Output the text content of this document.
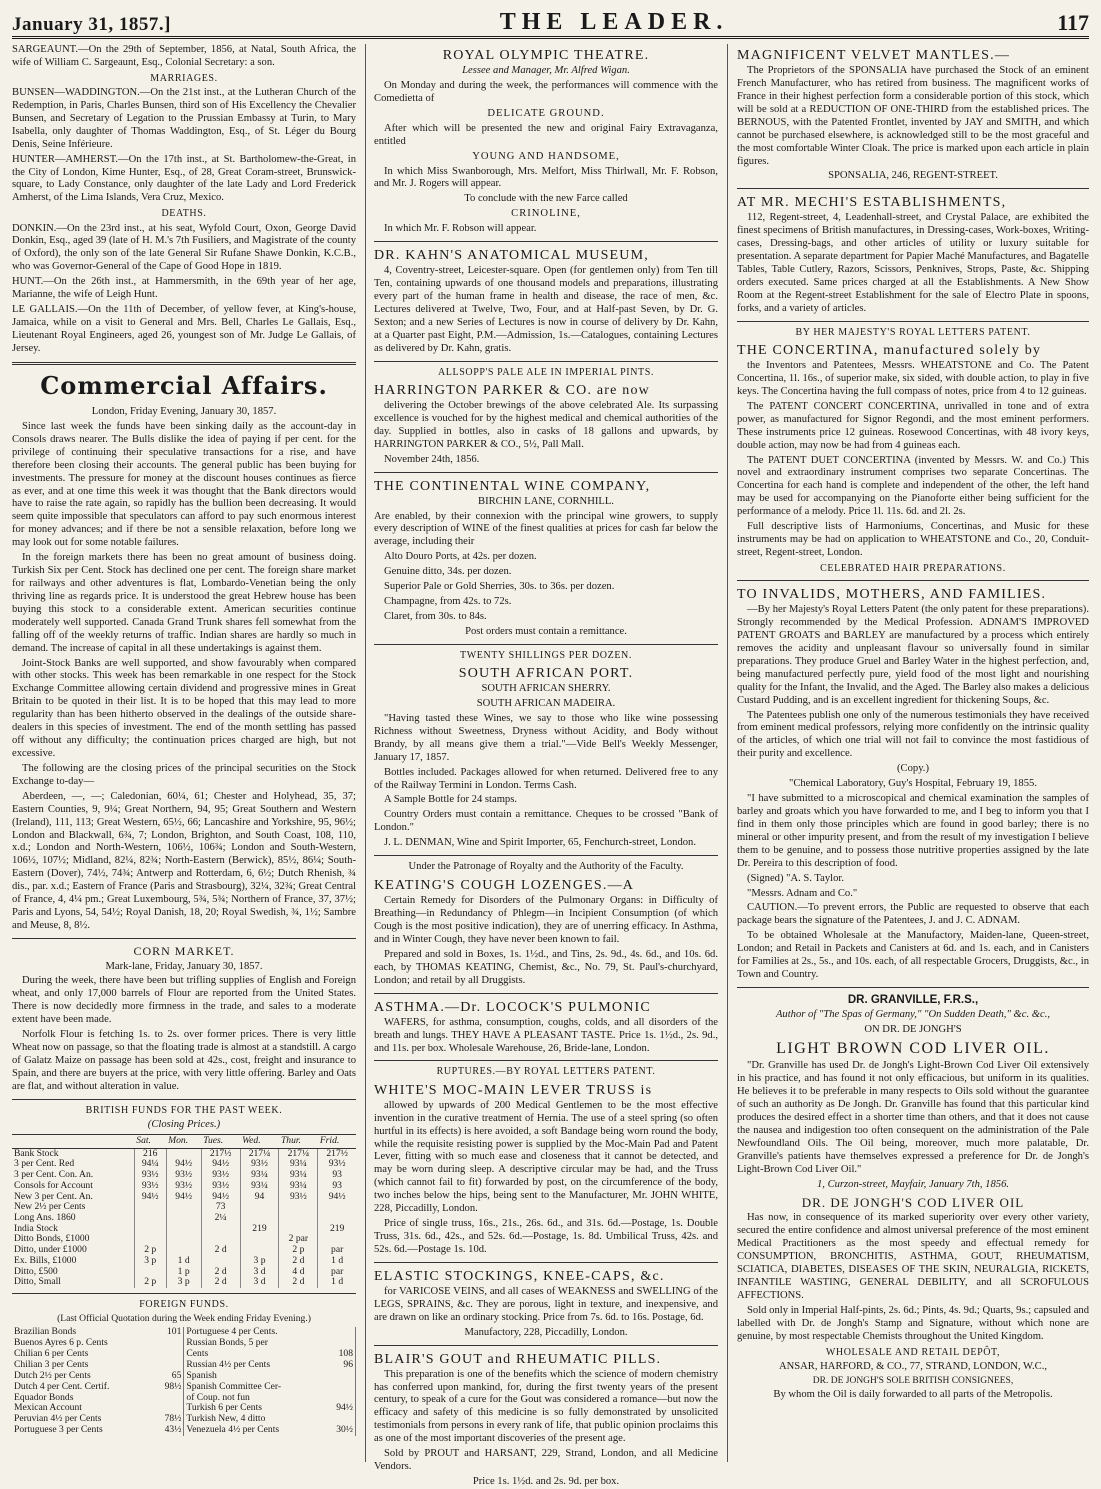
January 31, 1857.]	THE LEADER.	117

SARGEAUNT.—On the 29th of September, 1856, at Natal, South Africa, the wife of William C. Sargeaunt, Esq., Colonial Secretary: a son.

MARRIAGES.

BUNSEN—WADDINGTON.—On the 21st inst., at the Lutheran Church of the Redemption, in Paris, Charles Bunsen, third son of His Excellency the Chevalier Bunsen, and Secretary of Legation to the Prussian Embassy at Turin, to Mary Isabella, only daughter of Thomas Waddington, Esq., of St. Léger du Bourg Denis, Seine Inférieure.

HUNTER—AMHERST.—On the 17th inst., at St. Bartholomew-the-Great, in the City of London, Kime Hunter, Esq., of 28, Great Coram-street, Brunswick-square, to Lady Constance, only daughter of the late Lady and Lord Frederick Amherst, of the Lima Islands, Vera Cruz, Mexico.

DEATHS.

DONKIN.—On the 23rd inst., at his seat, Wyfold Court, Oxon, George David Donkin, Esq., aged 39 (late of H. M.'s 7th Fusiliers, and Magistrate of the county of Oxford), the only son of the late General Sir Rufane Shawe Donkin, K.C.B., who was Governor-General of the Cape of Good Hope in 1819.

HUNT.—On the 26th inst., at Hammersmith, in the 69th year of her age, Marianne, the wife of Leigh Hunt.

LE GALLAIS.—On the 11th of December, of yellow fever, at King's-house, Jamaica, while on a visit to General and Mrs. Bell, Charles Le Gallais, Esq., Lieutenant Royal Engineers, aged 26, youngest son of Mr. Judge Le Gallais, of Jersey.

Commercial Affairs.

London, Friday Evening, January 30, 1857.

Since last week the funds have been sinking daily as the account-day in Consols draws nearer. The Bulls dislike the idea of paying if per cent. for the privilege of continuing their speculative transactions for a rise, and have therefore been closing their accounts. The general public has been buying for investments. The pressure for money at the discount houses continues as fierce as ever, and at one time this week it was thought that the Bank directors would have to raise the rate again, so rapidly has the bullion been decreasing. It would seem quite impossible that speculators can afford to pay such enormous interest for money advances; and if there be not a sensible relaxation, before long we may look out for some notable failures.

In the foreign markets there has been no great amount of business doing. Turkish Six per Cent. Stock has declined one per cent. The foreign share market for railways and other adventures is flat, Lombardo-Venetian being the only thriving line as regards price. It is understood the great Hebrew house has been buying this stock to a considerable extent. American securities continue moderately well supported. Canada Grand Trunk shares fell somewhat from the falling off of the weekly returns of traffic. Indian shares are hardly so much in demand. The increase of capital in all these undertakings is against them.

Joint-Stock Banks are well supported, and show favourably when compared with other stocks. This week has been remarkable in one respect for the Stock Exchange Committee allowing certain dividend and progressive mines in Great Britain to be quoted in their list. It is to be hoped that this may lead to more regularity than has been hitherto observed in the dealings of the outside share-dealers in this species of investment. The end of the month settling has passed off without any difficulty; the continuation prices charged are high, but not excessive.

The following are the closing prices of the principal securities on the Stock Exchange to-day—

Aberdeen, —, —; Caledonian, 60¼, 61; Chester and Holyhead, 35, 37; Eastern Counties, 9, 9¼; Great Northern, 94, 95; Great Southern and Western (Ireland), 111, 113; Great Western, 65½, 66; Lancashire and Yorkshire, 95, 96½; London and Blackwall, 6¾, 7; London, Brighton, and South Coast, 108, 110, x.d.; London and North-Western, 106½, 106¾; London and South-Western, 106½, 107½; Midland, 82¼, 82¾; North-Eastern (Berwick), 85½, 86¼; South-Eastern (Dover), 74½, 74¾; Antwerp and Rotterdam, 6, 6½; Dutch Rhenish, ¾ dis., par. x.d.; Eastern of France (Paris and Strasbourg), 32¼, 32¾; Great Central of France, 4, 4¼ pm.; Great Luxembourg, 5¾, 5¾; Northern of France, 37, 37½; Paris and Lyons, 54, 54½; Royal Danish, 18, 20; Royal Swedish, ¾, 1½; Sambre and Meuse, 8, 8½.

CORN MARKET.

Mark-lane, Friday, January 30, 1857.

During the week, there have been but trifling supplies of English and Foreign wheat, and only 17,000 barrels of Flour are reported from the United States. There is now decidedly more firmness in the trade, and sales to a moderate extent have been made.

Norfolk Flour is fetching 1s. to 2s. over former prices. There is very little Wheat now on passage, so that the floating trade is almost at a standstill. A cargo of Galatz Maize on passage has been sold at 42s., cost, freight and insurance to Spain, and there are buyers at the price, with very little offering. Barley and Oats are flat, and without alteration in value.

BRITISH FUNDS FOR THE PAST WEEK.

(Closing Prices.)

	Sat.	Mon.	Tues.	Wed.	Thur.	Frid.
Bank Stock	216		217½	217¼	217¼	217½
3 per Cent. Red	94¼	94½	94½	93½	93¼	93½
3 per Cent. Con. An.	93½	93½	93½	93¼	93¼	93
Consols for Account	93½	93½	93½	93¼	93¼	93
New 3 per Cent. An.	94½	94½	94½	94	93½	94½
New 2½ per Cents			73			
Long Ans. 1860			2¼			
India Stock				219		219
Ditto Bonds, £1000					2 par	
Ditto, under £1000	2 p		2 d		2 p	par
Ex. Bills, £1000	3 p	1 d		3 p	2 d	1 d
Ditto, £500		1 p	2 d	3 d	4 d	par
Ditto, Small	2 p	3 p	2 d	3 d	2 d	1 d

FOREIGN FUNDS.

(Last Official Quotation during the Week ending Friday Evening.)

Brazilian Bonds	101	Portuguese 4 per Cents.	
Buenos Ayres 6 p. Cents		Russian Bonds, 5 per	
Chilian 6 per Cents		Cents	108
Chilian 3 per Cents		Russian 4½ per Cents	96
Dutch 2½ per Cents	65	Spanish	
Dutch 4 per Cent. Certif.	98½	Spanish Committee Cer-	
Equador Bonds		of Coup. not fun	
Mexican Account		Turkish 6 per Cents	94½
Peruvian 4½ per Cents	78½	Turkish New, 4 ditto	
Portuguese 3 per Cents	43½	Venezuela 4½ per Cents	30½

ROYAL OLYMPIC THEATRE.

Lessee and Manager, Mr. Alfred Wigan.

On Monday and during the week, the performances will commence with the Comedietta of

DELICATE GROUND.

After which will be presented the new and original Fairy Extravaganza, entitled

YOUNG AND HANDSOME,

In which Miss Swanborough, Mrs. Melfort, Miss Thirlwall, Mr. F. Robson, and Mr. J. Rogers will appear.

To conclude with the new Farce called

CRINOLINE,

In which Mr. F. Robson will appear.

DR. KAHN'S ANATOMICAL MUSEUM,

4, Coventry-street, Leicester-square. Open (for gentlemen only) from Ten till Ten, containing upwards of one thousand models and preparations, illustrating every part of the human frame in health and disease, the race of men, &c. Lectures delivered at Twelve, Two, Four, and at Half-past Seven, by Dr. G. Sexton; and a new Series of Lectures is now in course of delivery by Dr. Kahn, at a Quarter past Eight, P.M.—Admission, 1s.—Catalogues, containing Lectures as delivered by Dr. Kahn, gratis.

ALLSOPP'S PALE ALE IN IMPERIAL PINTS.

HARRINGTON PARKER & CO. are now

delivering the October brewings of the above celebrated Ale. Its surpassing excellence is vouched for by the highest medical and chemical authorities of the day. Supplied in bottles, also in casks of 18 gallons and upwards, by HARRINGTON PARKER & CO., 5½, Pall Mall.

November 24th, 1856.

THE CONTINENTAL WINE COMPANY,

BIRCHIN LANE, CORNHILL.

Are enabled, by their connexion with the principal wine growers, to supply every description of WINE of the finest qualities at prices for cash far below the average, including their

Alto Douro Ports, at 42s. per dozen.

Genuine ditto, 34s. per dozen.

Superior Pale or Gold Sherries, 30s. to 36s. per dozen.

Champagne, from 42s. to 72s.

Claret, from 30s. to 84s.

Post orders must contain a remittance.

TWENTY SHILLINGS PER DOZEN.

SOUTH AFRICAN PORT.

SOUTH AFRICAN SHERRY.

SOUTH AFRICAN MADEIRA.

"Having tasted these Wines, we say to those who like wine possessing Richness without Sweetness, Dryness without Acidity, and Body without Brandy, by all means give them a trial."—Vide Bell's Weekly Messenger, January 17, 1857.

Bottles included. Packages allowed for when returned. Delivered free to any of the Railway Termini in London. Terms Cash.

A Sample Bottle for 24 stamps.

Country Orders must contain a remittance. Cheques to be crossed "Bank of London."

J. L. DENMAN, Wine and Spirit Importer, 65, Fenchurch-street, London.

Under the Patronage of Royalty and the Authority of the Faculty.

KEATING'S COUGH LOZENGES.—A

Certain Remedy for Disorders of the Pulmonary Organs: in Difficulty of Breathing—in Redundancy of Phlegm—in Incipient Consumption (of which Cough is the most positive indication), they are of unerring efficacy. In Asthma, and in Winter Cough, they have never been known to fail.

Prepared and sold in Boxes, 1s. 1½d., and Tins, 2s. 9d., 4s. 6d., and 10s. 6d. each, by THOMAS KEATING, Chemist, &c., No. 79, St. Paul's-churchyard, London; and retail by all Druggists.

ASTHMA.—Dr. LOCOCK'S PULMONIC

WAFERS, for asthma, consumption, coughs, colds, and all disorders of the breath and lungs. THEY HAVE A PLEASANT TASTE. Price 1s. 1½d., 2s. 9d., and 11s. per box. Wholesale Warehouse, 26, Bride-lane, London.

RUPTURES.—BY ROYAL LETTERS PATENT.

WHITE'S MOC-MAIN LEVER TRUSS is

allowed by upwards of 200 Medical Gentlemen to be the most effective invention in the curative treatment of Hernia. The use of a steel spring (so often hurtful in its effects) is here avoided, a soft Bandage being worn round the body, while the requisite resisting power is supplied by the Moc-Main Pad and Patent Lever, fitting with so much ease and closeness that it cannot be detected, and may be worn during sleep. A descriptive circular may be had, and the Truss (which cannot fail to fit) forwarded by post, on the circumference of the body, two inches below the hips, being sent to the Manufacturer, Mr. JOHN WHITE, 228, Piccadilly, London.

Price of single truss, 16s., 21s., 26s. 6d., and 31s. 6d.—Postage, 1s. Double Truss, 31s. 6d., 42s., and 52s. 6d.—Postage, 1s. 8d. Umbilical Truss, 42s. and 52s. 6d.—Postage 1s. 10d.

ELASTIC STOCKINGS, KNEE-CAPS, &c.

for VARICOSE VEINS, and all cases of WEAKNESS and SWELLING of the LEGS, SPRAINS, &c. They are porous, light in texture, and inexpensive, and are drawn on like an ordinary stocking. Price from 7s. 6d. to 16s. Postage, 6d.

Manufactory, 228, Piccadilly, London.

BLAIR'S GOUT and RHEUMATIC PILLS.

This preparation is one of the benefits which the science of modern chemistry has conferred upon mankind, for, during the first twenty years of the present century, to speak of a cure for the Gout was considered a romance—but now the efficacy and safety of this medicine is so fully demonstrated by unsolicited testimonials from persons in every rank of life, that public opinion proclaims this as one of the most important discoveries of the present age.

Sold by PROUT and HARSANT, 229, Strand, London, and all Medicine Vendors.

Price 1s. 1½d. and 2s. 9d. per box.

MAGNIFICENT VELVET MANTLES.—

The Proprietors of the SPONSALIA have purchased the Stock of an eminent French Manufacturer, who has retired from business. The magnificent works of France in their highest perfection form a considerable portion of this stock, which will be sold at a REDUCTION OF ONE-THIRD from the established prices. The BERNOUS, with the Patented Frontlet, invented by JAY and SMITH, and which cannot be purchased elsewhere, is acknowledged still to be the most graceful and the most comfortable Winter Cloak. The price is marked upon each article in plain figures.

SPONSALIA, 246, REGENT-STREET.

AT MR. MECHI'S ESTABLISHMENTS,

112, Regent-street, 4, Leadenhall-street, and Crystal Palace, are exhibited the finest specimens of British manufactures, in Dressing-cases, Work-boxes, Writing-cases, Dressing-bags, and other articles of utility or luxury suitable for presentation. A separate department for Papier Maché Manufactures, and Bagatelle Tables, Table Cutlery, Razors, Scissors, Penknives, Strops, Paste, &c. Shipping orders executed. Same prices charged at all the Establishments. A New Show Room at the Regent-street Establishment for the sale of Electro Plate in spoons, forks, and a variety of articles.

BY HER MAJESTY'S ROYAL LETTERS PATENT.

THE CONCERTINA, manufactured solely by

the Inventors and Patentees, Messrs. WHEATSTONE and Co. The Patent Concertina, 1l. 16s., of superior make, six sided, with double action, to play in five keys. The Concertina having the full compass of notes, price from 4 to 12 guineas.

The PATENT CONCERT CONCERTINA, unrivalled in tone and of extra power, as manufactured for Signor Regondi, and the most eminent performers. These instruments price 12 guineas. Rosewood Concertinas, with 48 ivory keys, double action, may now be had from 4 guineas each.

The PATENT DUET CONCERTINA (invented by Messrs. W. and Co.) This novel and extraordinary instrument comprises two separate Concertinas. The Concertina for each hand is complete and independent of the other, the left hand may be used for accompanying on the Pianoforte either being sufficient for the performance of a melody. Price 1l. 11s. 6d. and 2l. 2s.

Full descriptive lists of Harmoniums, Concertinas, and Music for these instruments may be had on application to WHEATSTONE and Co., 20, Conduit-street, Regent-street, London.

CELEBRATED HAIR PREPARATIONS.

TO INVALIDS, MOTHERS, AND FAMILIES.

—By her Majesty's Royal Letters Patent (the only patent for these preparations). Strongly recommended by the Medical Profession. ADNAM'S IMPROVED PATENT GROATS and BARLEY are manufactured by a process which entirely removes the acidity and unpleasant flavour so universally found in similar preparations. They produce Gruel and Barley Water in the highest perfection, and, being manufactured perfectly pure, yield food of the most light and nourishing quality for the Infant, the Invalid, and the Aged. The Barley also makes a delicious Custard Pudding, and is an excellent ingredient for thickening Soups, &c.

The Patentees publish one only of the numerous testimonials they have received from eminent medical professors, relying more confidently on the intrinsic quality of the articles, of which one trial will not fail to convince the most fastidious of their purity and excellence.

(Copy.)

"Chemical Laboratory, Guy's Hospital, February 19, 1855.

"I have submitted to a microscopical and chemical examination the samples of barley and groats which you have forwarded to me, and I beg to inform you that I find in them only those principles which are found in good barley; there is no mineral or other impurity present, and from the result of my investigation I believe them to be genuine, and to possess those nutritive properties assigned by the late Dr. Pereira to this description of food.

(Signed) "A. S. Taylor.

"Messrs. Adnam and Co."

CAUTION.—To prevent errors, the Public are requested to observe that each package bears the signature of the Patentees, J. and J. C. ADNAM.

To be obtained Wholesale at the Manufactory, Maiden-lane, Queen-street, London; and Retail in Packets and Canisters at 6d. and 1s. each, and in Canisters for Families at 2s., 5s., and 10s. each, of all respectable Grocers, Druggists, &c., in Town and Country.

DR. GRANVILLE, F.R.S.,

Author of "The Spas of Germany," "On Sudden Death," &c. &c.,

ON DR. DE JONGH'S

LIGHT BROWN COD LIVER OIL.

"Dr. Granville has used Dr. de Jongh's Light-Brown Cod Liver Oil extensively in his practice, and has found it not only efficacious, but uniform in its qualities. He believes it to be preferable in many respects to Oils sold without the guarantee of such an authority as De Jongh. Dr. Granville has found that this particular kind produces the desired effect in a shorter time than others, and that it does not cause the nausea and indigestion too often consequent on the administration of the Pale Newfoundland Oils. The Oil being, moreover, much more palatable, Dr. Granville's patients have themselves expressed a preference for Dr. de Jongh's Light-Brown Cod Liver Oil."

1, Curzon-street, Mayfair, January 7th, 1856.

DR. DE JONGH'S COD LIVER OIL

Has now, in consequence of its marked superiority over every other variety, secured the entire confidence and almost universal preference of the most eminent Medical Practitioners as the most speedy and effectual remedy for CONSUMPTION, BRONCHITIS, ASTHMA, GOUT, RHEUMATISM, SCIATICA, DIABETES, DISEASES OF THE SKIN, NEURALGIA, RICKETS, INFANTILE WASTING, GENERAL DEBILITY, and all SCROFULOUS AFFECTIONS.

Sold only in Imperial Half-pints, 2s. 6d.; Pints, 4s. 9d.; Quarts, 9s.; capsuled and labelled with Dr. de Jongh's Stamp and Signature, without which none are genuine, by most respectable Chemists throughout the United Kingdom.

WHOLESALE AND RETAIL DEPÔT,

ANSAR, HARFORD, & CO., 77, STRAND, LONDON, W.C.,

DR. DE JONGH'S SOLE BRITISH CONSIGNEES,

By whom the Oil is daily forwarded to all parts of the Metropolis.
